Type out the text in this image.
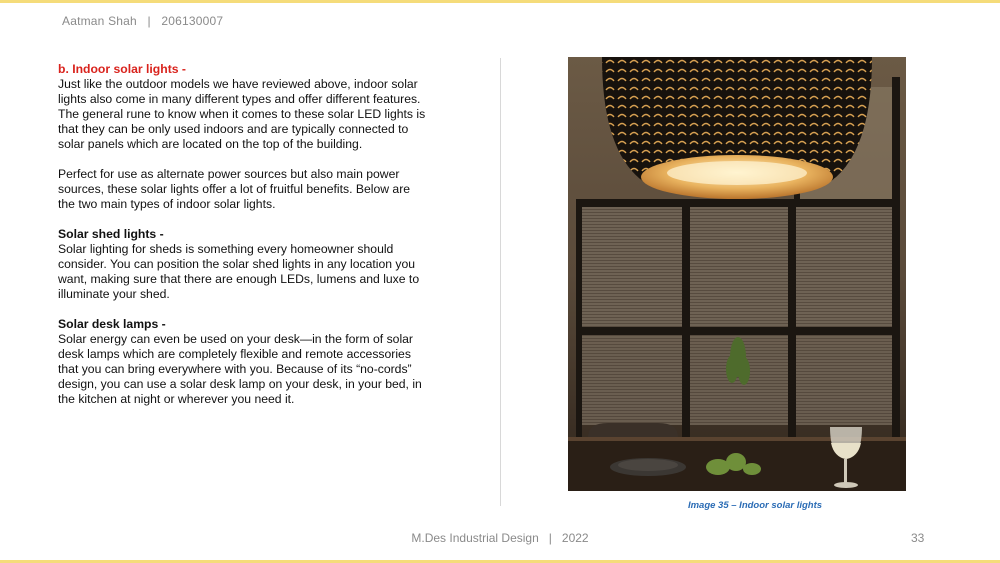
Aatman Shah   |   206130007

b. Indoor solar lights -
Just like the outdoor models we have reviewed above, indoor solar lights also come in many different types and offer different features. The general rune to know when it comes to these solar LED lights is that they can be only used indoors and are typically connected to solar panels which are located on the top of the building.

Perfect for use as alternate power sources but also main power sources, these solar lights offer a lot of fruitful benefits. Below are the two main types of indoor solar lights.

Solar shed lights -
Solar lighting for sheds is something every homeowner should consider. You can position the solar shed lights in any location you want, making sure that there are enough LEDs, lumens and luxe to illuminate your shed.

Solar desk lamps -
Solar energy can even be used on your desk—in the form of solar desk lamps which are completely flexible and remote accessories that you can bring everywhere with you. Because of its “no-cords” design, you can use a solar desk lamp on your desk, in your bed, in the kitchen at night or wherever you need it.

Image 35 – Indoor solar lights
M.Des Industrial Design   |   2022	33
